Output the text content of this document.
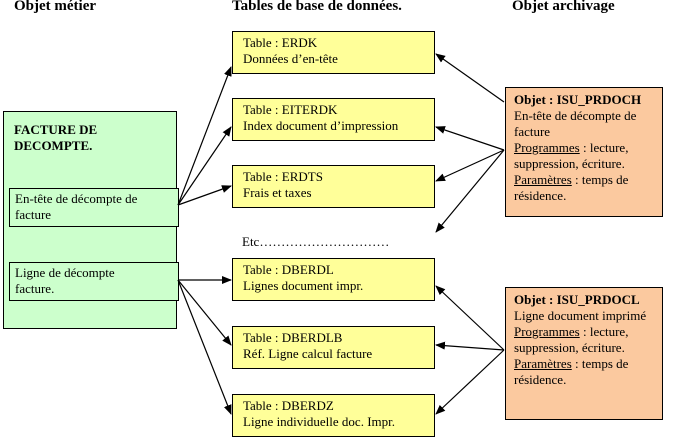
Objet métier	Tables de base de données.	Objet archivage
FACTURE DE
DECOMPTE.
En-tête de décompte de
facture
Ligne de décompte
facture.
Table : ERDK
Données d’en-tête
Table : EITERDK
Index document d’impression
Table : ERDTS
Frais et taxes
Etc…………………………
Table : DBERDL
Lignes document impr.
Table : DBERDLB
Réf. Ligne calcul facture
Table : DBERDZ
Ligne individuelle doc. Impr.
Objet : ISU_PRDOCH
En-tête de décompte de
facture
Programmes : lecture,
suppression, écriture.
Paramètres : temps de
résidence.
Objet : ISU_PRDOCL
Ligne document imprimé
Programmes : lecture,
suppression, écriture.
Paramètres : temps de
résidence.
